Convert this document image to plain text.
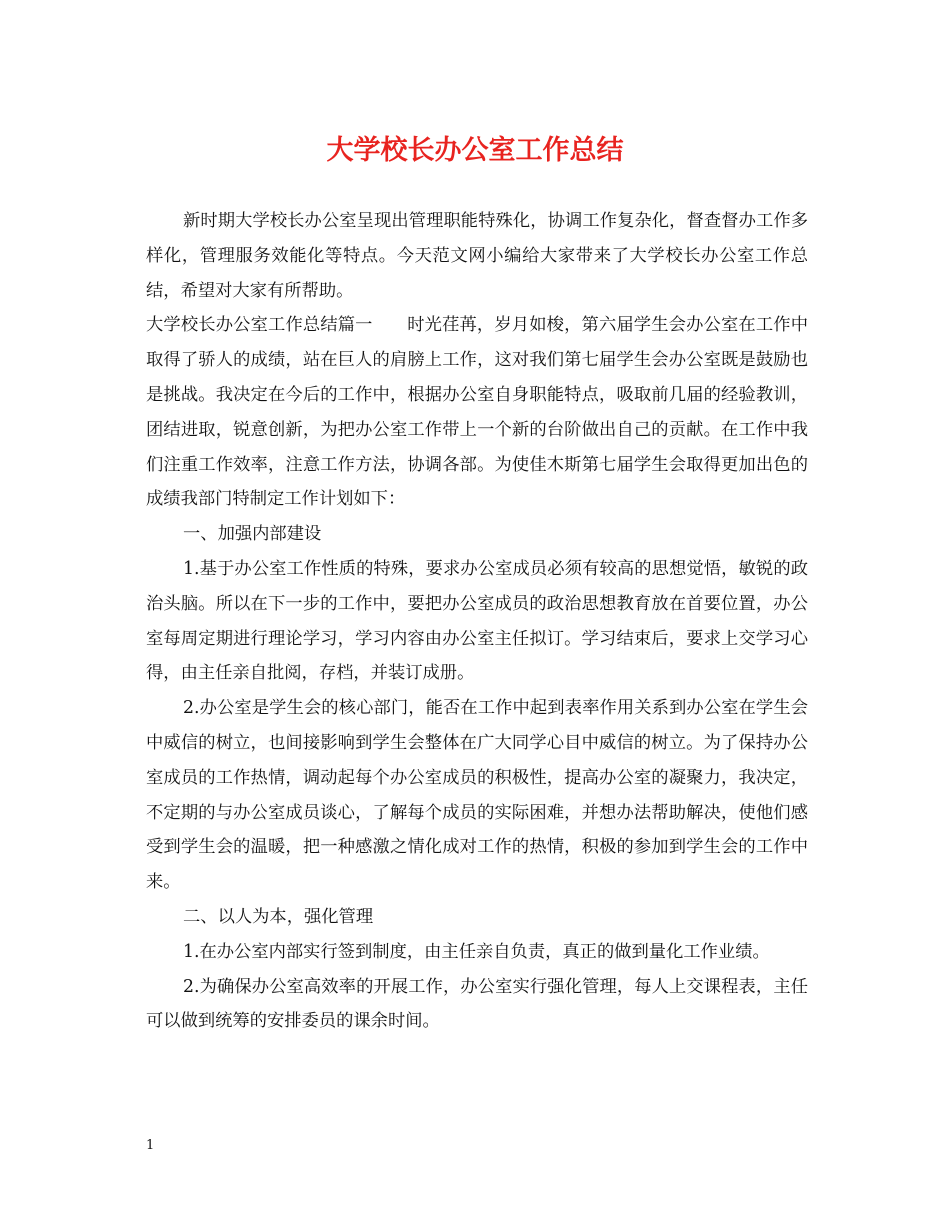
大学校长办公室工作总结

新时期大学校长办公室呈现出管理职能特殊化，协调工作复杂化，督查督办工作多样化，管理服务效能化等特点。今天范文网小编给大家带来了大学校长办公室工作总结，希望对大家有所帮助。

大学校长办公室工作总结篇一 时光荏苒，岁月如梭，第六届学生会办公室在工作中取得了骄人的成绩，站在巨人的肩膀上工作，这对我们第七届学生会办公室既是鼓励也是挑战。我决定在今后的工作中，根据办公室自身职能特点，吸取前几届的经验教训，团结进取，锐意创新，为把办公室工作带上一个新的台阶做出自己的贡献。在工作中我们注重工作效率，注意工作方法，协调各部。为使佳木斯第七届学生会取得更加出色的成绩我部门特制定工作计划如下：

一、加强内部建设

1.基于办公室工作性质的特殊，要求办公室成员必须有较高的思想觉悟，敏锐的政治头脑。所以在下一步的工作中，要把办公室成员的政治思想教育放在首要位置，办公室每周定期进行理论学习，学习内容由办公室主任拟订。学习结束后，要求上交学习心得，由主任亲自批阅，存档，并装订成册。

2.办公室是学生会的核心部门，能否在工作中起到表率作用关系到办公室在学生会中威信的树立，也间接影响到学生会整体在广大同学心目中威信的树立。为了保持办公室成员的工作热情，调动起每个办公室成员的积极性，提高办公室的凝聚力，我决定，不定期的与办公室成员谈心，了解每个成员的实际困难，并想办法帮助解决，使他们感受到学生会的温暖，把一种感激之情化成对工作的热情，积极的参加到学生会的工作中来。

二、以人为本，强化管理

1.在办公室内部实行签到制度，由主任亲自负责，真正的做到量化工作业绩。

2.为确保办公室高效率的开展工作，办公室实行强化管理，每人上交课程表，主任可以做到统筹的安排委员的课余时间。

1
